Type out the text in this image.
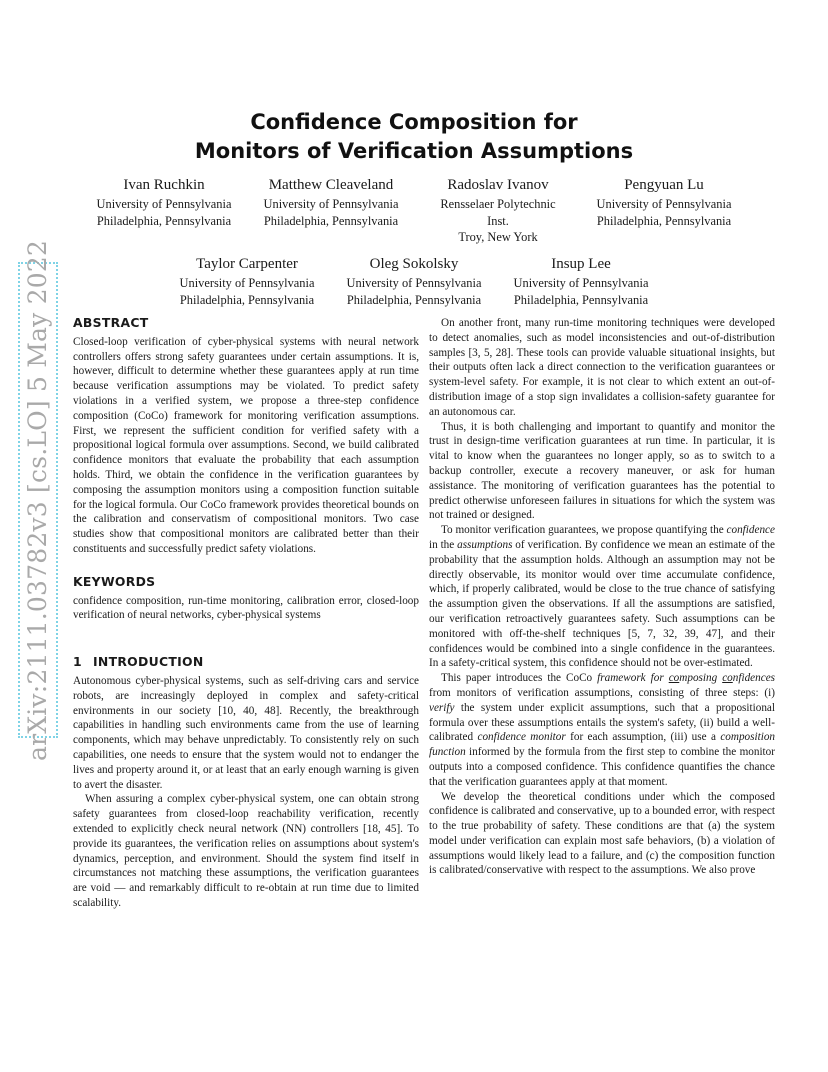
arXiv:2111.03782v3 [cs.LO] 5 May 2022
Confidence Composition for
Monitors of Verification Assumptions
Ivan Ruchkin
University of Pennsylvania
Philadelphia, Pennsylvania
Matthew Cleaveland
University of Pennsylvania
Philadelphia, Pennsylvania
Radoslav Ivanov
Rensselaer Polytechnic
Inst.
Troy, New York
Pengyuan Lu
University of Pennsylvania
Philadelphia, Pennsylvania
Taylor Carpenter
University of Pennsylvania
Philadelphia, Pennsylvania
Oleg Sokolsky
University of Pennsylvania
Philadelphia, Pennsylvania
Insup Lee
University of Pennsylvania
Philadelphia, Pennsylvania
ABSTRACT

Closed-loop verification of cyber-physical systems with neural network controllers offers strong safety guarantees under certain assumptions. It is, however, difficult to determine whether these guarantees apply at run time because verification assumptions may be violated. To predict safety violations in a verified system, we propose a three-step confidence composition (CoCo) framework for monitoring verification assumptions. First, we represent the sufficient condition for verified safety with a propositional logical formula over assumptions. Second, we build calibrated confidence monitors that evaluate the probability that each assumption holds. Third, we obtain the confidence in the verification guarantees by composing the assumption monitors using a composition function suitable for the logical formula. Our CoCo framework provides theoretical bounds on the calibration and conservatism of compositional monitors. Two case studies show that compositional monitors are calibrated better than their constituents and successfully predict safety violations.

KEYWORDS

confidence composition, run-time monitoring, calibration error, closed-loop verification of neural networks, cyber-physical systems

1 INTRODUCTION

Autonomous cyber-physical systems, such as self-driving cars and service robots, are increasingly deployed in complex and safety-critical environments in our society [10, 40, 48]. Recently, the breakthrough capabilities in handling such environments came from the use of learning components, which may behave unpredictably. To consistently rely on such capabilities, one needs to ensure that the system would not to endanger the lives and property around it, or at least that an early enough warning is given to avert the disaster.

When assuring a complex cyber-physical system, one can obtain strong safety guarantees from closed-loop reachability verification, recently extended to explicitly check neural network (NN) controllers [18, 45]. To provide its guarantees, the verification relies on assumptions about system's dynamics, perception, and environment. Should the system find itself in circumstances not matching these assumptions, the verification guarantees are void — and remarkably difficult to re-obtain at run time due to limited scalability.

On another front, many run-time monitoring techniques were developed to detect anomalies, such as model inconsistencies and out-of-distribution samples [3, 5, 28]. These tools can provide valuable situational insights, but their outputs often lack a direct connection to the verification guarantees or system-level safety. For example, it is not clear to which extent an out-of-distribution image of a stop sign invalidates a collision-safety guarantee for an autonomous car.

Thus, it is both challenging and important to quantify and monitor the trust in design-time verification guarantees at run time. In particular, it is vital to know when the guarantees no longer apply, so as to switch to a backup controller, execute a recovery maneuver, or ask for human assistance. The monitoring of verification guarantees has the potential to predict otherwise unforeseen failures in situations for which the system was not trained or designed.

To monitor verification guarantees, we propose quantifying the confidence in the assumptions of verification. By confidence we mean an estimate of the probability that the assumption holds. Although an assumption may not be directly observable, its monitor would over time accumulate confidence, which, if properly calibrated, would be close to the true chance of satisfying the assumption given the observations. If all the assumptions are satisfied, our verification retroactively guarantees safety. Such assumptions can be monitored with off-the-shelf techniques [5, 7, 32, 39, 47], and their confidences would be combined into a single confidence in the guarantees. In a safety-critical system, this confidence should not be over-estimated.

This paper introduces the CoCo framework for composing confidences from monitors of verification assumptions, consisting of three steps: (i) verify the system under explicit assumptions, such that a propositional formula over these assumptions entails the system's safety, (ii) build a well-calibrated confidence monitor for each assumption, (iii) use a composition function informed by the formula from the first step to combine the monitor outputs into a composed confidence. This confidence quantifies the chance that the verification guarantees apply at that moment.

We develop the theoretical conditions under which the composed confidence is calibrated and conservative, up to a bounded error, with respect to the true probability of safety. These conditions are that (a) the system model under verification can explain most safe behaviors, (b) a violation of assumptions would likely lead to a failure, and (c) the composition function is calibrated/conservative with respect to the assumptions. We also prove
